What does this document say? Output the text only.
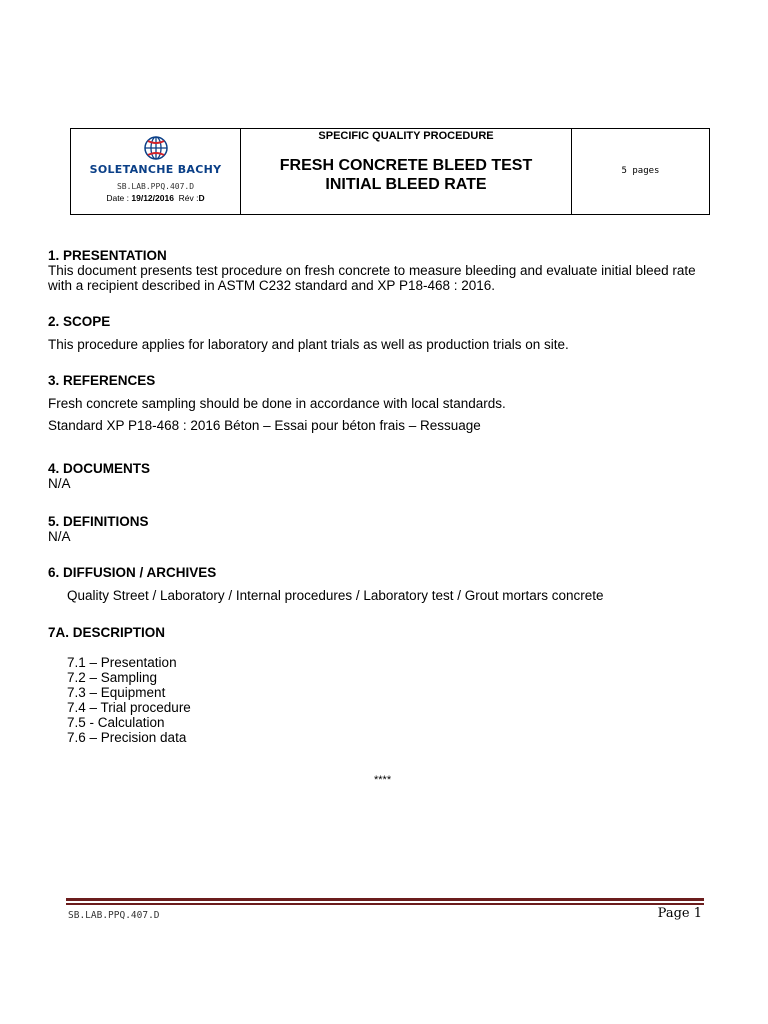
SOLETANCHE BACHY
SB.LAB.PPQ.407.D
Date : 19/12/2016 Rév :D
SPECIFIC QUALITY PROCEDURE
FRESH CONCRETE BLEED TEST
INITIAL BLEED RATE
5 pages
1. PRESENTATION
This document presents test procedure on fresh concrete to measure bleeding and evaluate initial bleed rate
with a recipient described in ASTM C232 standard and XP P18-468 : 2016.
2. SCOPE
This procedure applies for laboratory and plant trials as well as production trials on site.
3. REFERENCES
Fresh concrete sampling should be done in accordance with local standards.
Standard XP P18-468 : 2016 Béton – Essai pour béton frais – Ressuage
4. DOCUMENTS
N/A
5. DEFINITIONS
N/A
6. DIFFUSION / ARCHIVES
Quality Street / Laboratory / Internal procedures / Laboratory test / Grout mortars concrete
7A. DESCRIPTION
7.1 – Presentation
7.2 – Sampling
7.3 – Equipment
7.4 – Trial procedure
7.5 - Calculation
7.6 – Precision data
****
SB.LAB.PPQ.407.D	Page 1
